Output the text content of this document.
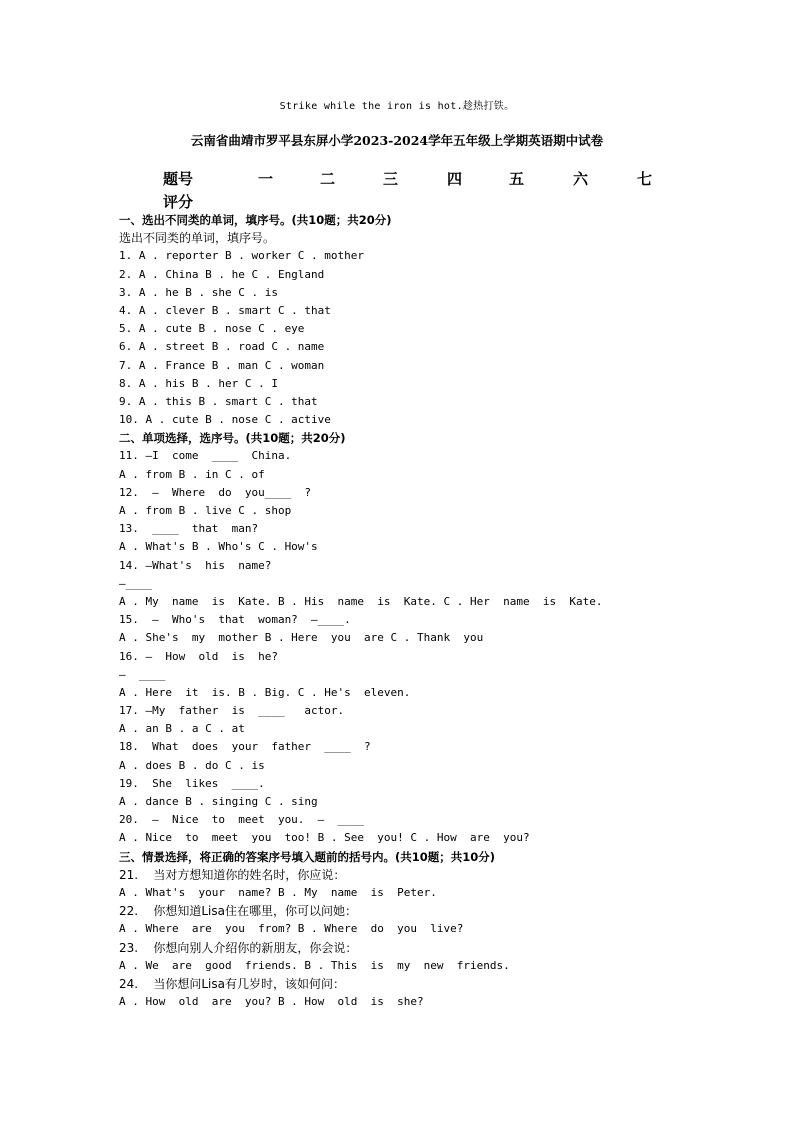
Strike while the iron is hot.趁热打铁。
云南省曲靖市罗平县东屏小学2023-2024学年五年级上学期英语期中试卷
题号	一	二	三	四	五	六	七
评分
一、选出不同类的单词，填序号。(共10题；共20分)
选出不同类的单词，填序号。
1. A . reporter B . worker C . mother
2. A . China B . he C . England
3. A . he B . she C . is
4. A . clever B . smart C . that
5. A . cute B . nose C . eye
6. A . street B . road C . name
7. A . France B . man C . woman
8. A . his B . her C . I
9. A . this B . smart C . that
10. A . cute B . nose C . active
二、单项选择，选序号。(共10题；共20分)
11. —I  come  ____  China.
A . from B . in C . of
12.  —  Where  do  you____  ?
A . from B . live C . shop
13.  ____  that  man?
A . What's B . Who's C . How's
14. —What's  his  name?
—____
A . My  name  is  Kate. B . His  name  is  Kate. C . Her  name  is  Kate.
15.  —  Who's  that  woman?  —____.
A . She's  my  mother B . Here  you  are C . Thank  you
16. —  How  old  is  he?
—  ____
A . Here  it  is. B . Big. C . He's  eleven.
17. —My  father  is  ____   actor.
A . an B . a C . at
18.  What  does  your  father  ____  ?
A . does B . do C . is
19.  She  likes  ____.
A . dance B . singing C . sing
20.  —  Nice  to  meet  you.  —  ____
A . Nice  to  meet  you  too! B . See  you! C . How  are  you?
三、情景选择，将正确的答案序号填入题前的括号内。(共10题；共10分)
21.    当对方想知道你的姓名时，你应说：
A . What's  your  name? B . My  name  is  Peter.
22.    你想知道Lisa住在哪里，你可以问她：
A . Where  are  you  from? B . Where  do  you  live?
23.    你想向别人介绍你的新朋友，你会说：
A . We  are  good  friends. B . This  is  my  new  friends.
24.    当你想问Lisa有几岁时，该如何问：
A . How  old  are  you? B . How  old  is  she?
